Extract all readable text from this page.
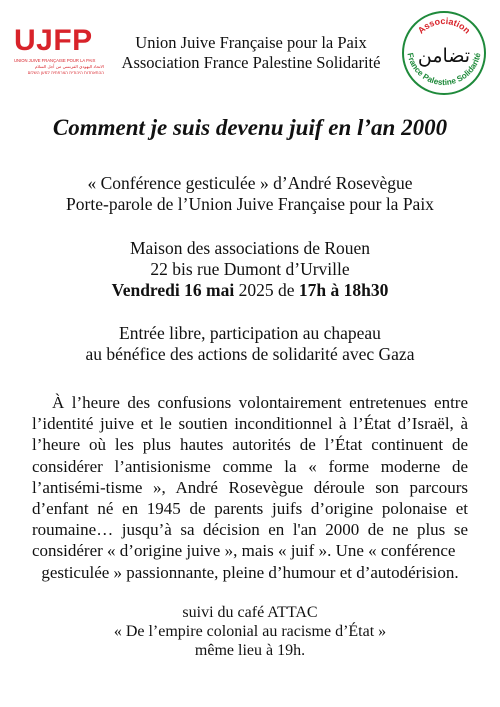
UJFP
UNION JUIVE FRANÇAISE POUR LA PAIX
الاتحاد اليهودي الفرنسي من أجل السلام
ההתאחדות היהודית הצרפתית למען השלום
Union Juive Française pour la Paix
Association France Palestine Solidarité
Association
France Palestine Solidarité
تضامن
Comment je suis devenu juif en l’an 2000
« Conférence gesticulée » d’André Rosevègue
Porte-parole de l’Union Juive Française pour la Paix
Maison des associations de Rouen
22 bis rue Dumont d’Urville
Vendredi 16 mai 2025 de 17h à 18h30
Entrée libre, participation au chapeau
au bénéfice des actions de solidarité avec Gaza
À l’heure des confusions volontairement entretenues entre l’identité juive et le soutien inconditionnel à l’État d’Israël, à l’heure où les plus hautes autorités de l’État continuent de considérer l’antisionisme comme la « forme moderne de l’antisémi-tisme », André Rosevègue déroule son parcours d’enfant né en 1945 de parents juifs d’origine polonaise et roumaine… jusqu’à sa décision en l'an 2000 de ne plus se considérer « d’origine juive », mais « juif ». Une « conférence
gesticulée » passionnante, pleine d’humour et d’autodérision.
suivi du café ATTAC
« De l’empire colonial au racisme d’État »
même lieu à 19h.
